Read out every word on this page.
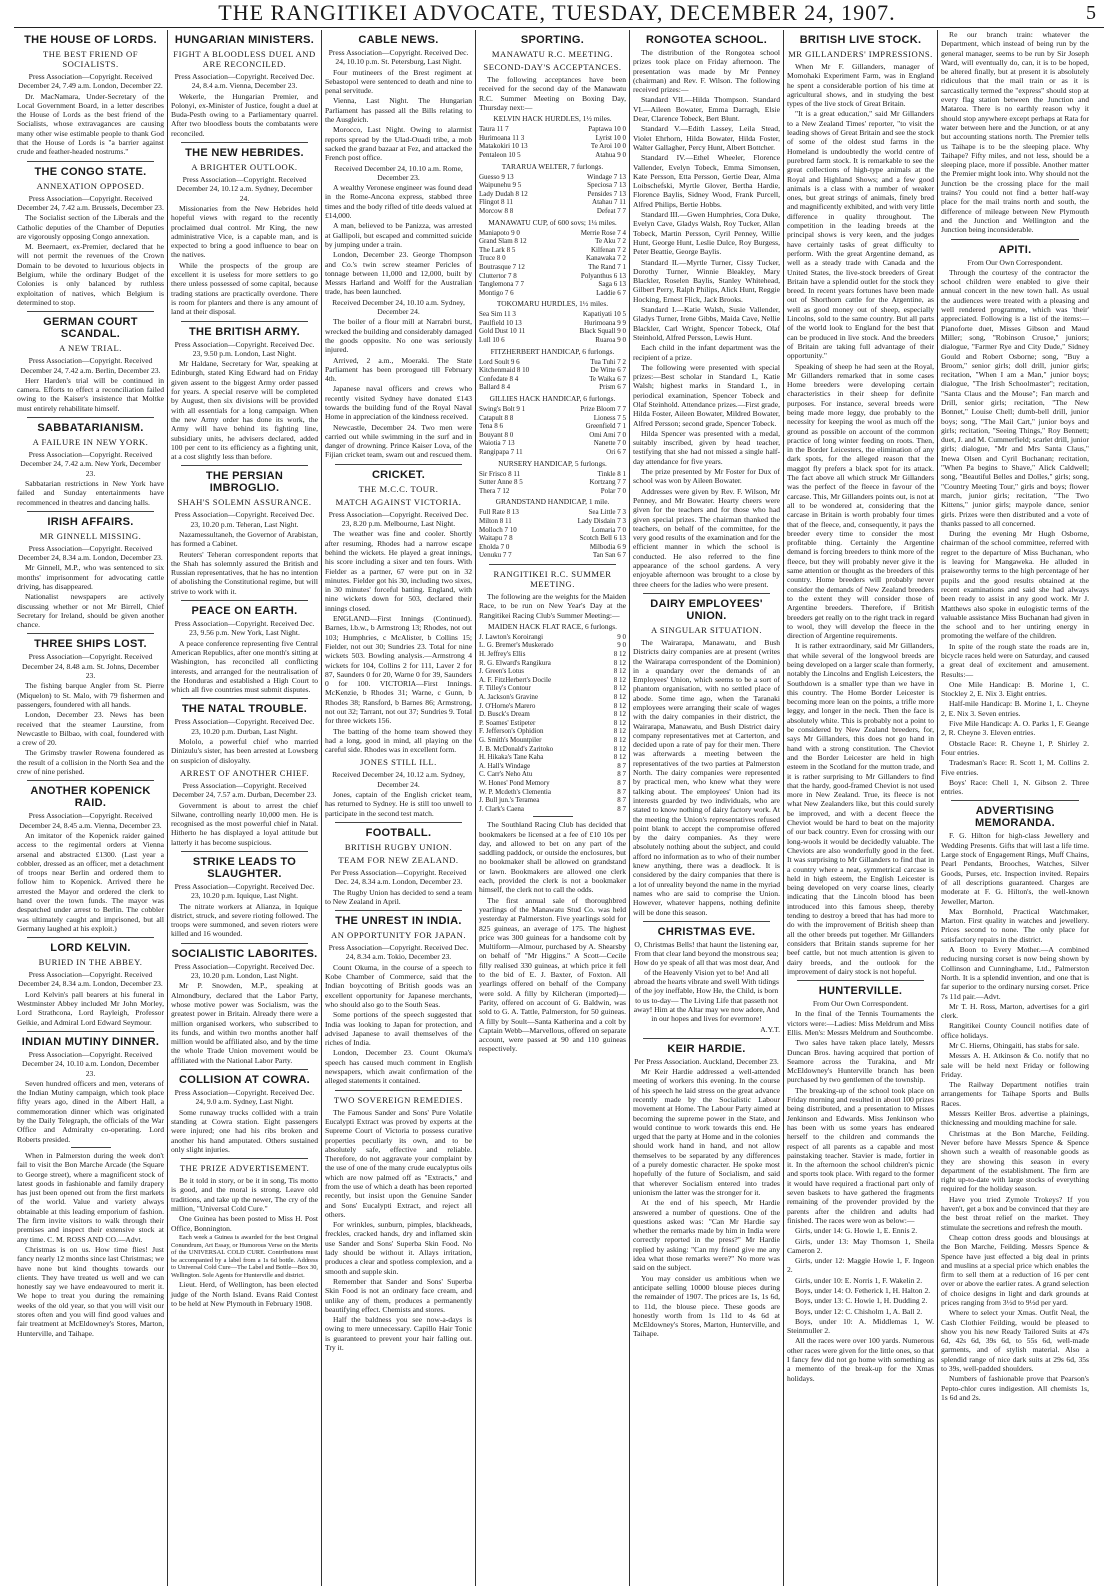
THE RANGITIKEI ADVOCATE, TUESDAY, DECEMBER 24, 1907.	5
THE HOUSE OF LORDS.
THE BEST FRIEND OF SOCIALISTS.

Press Association—Copyright. Received December 24, 7.49 a.m. London, December 22.

Dr. MacNamara, Under-Secretary of the Local Government Board, in a letter describes the House of Lords as the best friend of the Socialists, whose extravagances are causing many other wise estimable people to thank God that the House of Lords is "a barrier against crude and feather-headed nostrums."

THE CONGO STATE.
ANNEXATION OPPOSED.

Press Association—Copyright. Received December 24, 7.42 a.m. Brussels, December 23.

The Socialist section of the Liberals and the Catholic deputies of the Chamber of Deputies are vigorously opposing Congo annexation.

M. Beernaert, ex-Premier, declared that he will not permit the revenues of the Crown Domain to be devoted to luxurious objects in Belgium, while the ordinary Budget of the Colonies is only balanced by ruthless exploitation of natives, which Belgium is determined to stop.

GERMAN COURT SCANDAL.
A NEW TRIAL.

Press Association—Copyright. Received December 24, 7.42 a.m. Berlin, December 23.

Herr Harden's trial will be continued in camera. Efforts to effect a reconciliation failed owing to the Kaiser's insistence that Moltke must entirely rehabilitate himself.

SABBATARIANISM.
A FAILURE IN NEW YORK.

Press Association—Copyright. Received December 24, 7.42 a.m. New York, December 23.

Sabbatarian restrictions in New York have failed and Sunday entertainments have recommenced in theatres and dancing halls.

IRISH AFFAIRS.
MR GINNELL MISSING.

Press Association—Copyright. Received December 24, 8.34 a.m. London, December 23.

Mr Ginnell, M.P., who was sentenced to six months' imprisonment for advocating cattle driving, has disappeared.

Nationalist newspapers are actively discussing whether or not Mr Birrell, Chief Secretary for Ireland, should be given another chance.

THREE SHIPS LOST.

Press Association—Copyright. Received December 24, 8.48 a.m. St. Johns, December 23.

The fishing barque Angler from St. Pierre (Miquelon) to St. Malo, with 79 fishermen and passengers, foundered with all hands.

London, December 23. News has been received that the steamer Laurstine, from Newcastle to Bilbao, with coal, foundered with a crew of 20.

The Grimsby trawler Rowena foundered as the result of a collision in the North Sea and the crew of nine perished.

ANOTHER KOPENICK RAID.

Press Association—Copyright. Received December 24, 8.45 a.m. Vienna, December 23.

An imitator of the Kopenick raider gained access to the regimental orders at Vienna arsenal and abstracted £1300. (Last year a cobbler, dressed as an officer, met a detachment of troops near Berlin and ordered them to follow him to Kopenick. Arrived there he arrested the Mayor and ordered the clerk to hand over the town funds. The mayor was despatched under arrest to Berlin. The cobbler was ultimately caught and imprisoned, but all Germany laughed at his exploit.)

LORD KELVIN.
BURIED IN THE ABBEY.

Press Association—Copyright. Received December 24, 8.34 a.m. London, December 23.

Lord Kelvin's pall bearers at his funeral in Westminster Abbey included Mr John Morley, Lord Strathcona, Lord Rayleigh, Professor Geikie, and Admiral Lord Edward Seymour.

INDIAN MUTINY DINNER.

Press Association—Copyright. Received December 24, 10.10 a.m. London, December 23.

Seven hundred officers and men, veterans of the Indian Mutiny campaign, which took place fifty years ago, dined in the Albert Hall, a commemoration dinner which was originated by the Daily Telegraph, the officials of the War Office and Admiralty co-operating. Lord Roberts presided.

When in Palmerston during the week don't fail to visit the Bon Marche Arcade (the Square to George street), where a magnificent stock of latest goods in fashionable and family drapery has just been opened out from the first markets of the world. Value and variety always obtainable at this leading emporium of fashion. The firm invite visitors to walk through their premises and inspect their extensive stock at any time. C. M. ROSS AND CO.—Advt.

Christmas is on us. How time flies! Just fancy nearly 12 months since last Christmas; we have none but kind thoughts towards our clients. They have treated us well and we can honestly say we have endeavoured to merit it. We hope to treat you during the remaining weeks of the old year, so that you will visit our stores often and you will find good values and fair treatment at McEldowney's Stores, Marton, Hunterville, and Taihape.

HUNGARIAN MINISTERS.
FIGHT A BLOODLESS DUEL AND ARE RECONCILED.

Press Association—Copyright. Received Dec. 24, 8.4 a.m. Vienna, December 23.

Wekerle, the Hungarian Premier, and Polonyi, ex-Minister of Justice, fought a duel at Buda-Pesth owing to a Parliamentary quarrel. After two bloodless bouts the combatants were reconciled.

THE NEW HEBRIDES.
A BRIGHTER OUTLOOK.

Press Association—Copyright. Received December 24, 10.12 a.m. Sydney, December 24.

Missionaries from the New Hebrides held hopeful views with regard to the recently proclaimed dual control. Mr King, the new administrative Vice, is a capable man, and is expected to bring a good influence to bear on the natives.

While the prospects of the group are excellent it is useless for more settlers to go there unless possessed of some capital, because trading stations are practically overdone. There is room for planters and there is any amount of land at their disposal.

THE BRITISH ARMY.

Press Association—Copyright. Received Dec. 23, 9.50 p.m. London, Last Night.

Mr Haldane, Secretary for War, speaking at Edinburgh, stated King Edward had on Friday given assent to the biggest Army order passed for years. A special reserve will be completed by August, then six divisions will be provided with all essentials for a long campaign. When the new Army order has done its work, the Army will have behind its fighting line, subsidiary units, he advisers declared, added 100 per cent to its efficiency as a fighting unit, at a cost slightly less than before.

THE PERSIAN IMBROGLIO.
SHAH'S SOLEMN ASSURANCE.

Press Association—Copyright. Received Dec. 23, 10.20 p.m. Teheran, Last Night.

Nazamessultaneh, the Governor of Arabistan, has formed a Cabinet.

Reuters' Teheran correspondent reports that the Shah has solemnly assured the British and Russian representatives, that he has no intention of abolishing the Constitutional regime, but will strive to work with it.

PEACE ON EARTH.

Press Association—Copyright. Received Dec. 23, 9.56 p.m. New York, Last Night.

A peace conference representing five Central American Republics, after one month's sitting at Washington, has reconciled all conflicting interests, and arranged for the neutralisation of the Honduras and established a High Court to which all five countries must submit disputes.

THE NATAL TROUBLE.

Press Association—Copyright. Received Dec. 23, 10.20 p.m. Durban, Last Night.

Mololo, a powerful chief who married Dinizulu's sister, has been arrested at Lowsberg on suspicion of disloyalty.

ARREST OF ANOTHER CHIEF.

Press Association—Copyright. Received December 24, 7.57 a.m. Durban, December 23.

Government is about to arrest the chief Silwane, controlling nearly 10,000 men. He is recognised as the most powerful chief in Natal. Hitherto he has displayed a loyal attitude but latterly it has become suspicious.

STRIKE LEADS TO SLAUGHTER.

Press Association—Copyright. Received Dec. 23, 10.20 p.m. Iquique, Last Night.

The nitrate workers at Alianza, in Iquique district, struck, and severe rioting followed. The troops were summoned, and seven rioters were killed and 16 wounded.

SOCIALISTIC LABORITES.

Press Association—Copyright. Received Dec. 23, 10.20 p.m. London, Last Night.

Mr P. Snowden, M.P., speaking at Almondbury, declared that the Labor Party, whose motive power was Socialism, was the greatest power in Britain. Already there were a million organised workers, who subscribed to its funds, and within two months another half million would be affiliated also, and by the time the whole Trade Union movement would be affiliated with the National Labor Party.

COLLISION AT COWRA.

Press Association—Copyright. Received Dec. 24, 9.0 a.m. Sydney, Last Night.

Some runaway trucks collided with a train standing at Cowra station. Eight passengers were injured; one had his ribs broken and another his hand amputated. Others sustained only slight injuries.

THE PRIZE ADVERTISEMENT.

Be it told in story, or be it in song, Tis motto is good, and the moral is strong. Leave old traditions, and take up the newer, The cry of the million, "Universal Cold Cure."

One Guinea has been posted to Miss H. Post Office, Bonnington.

Each week a Guinea is awarded for the best Original Conundrum, Art Essay, or Humorous Verse on the Merits of the UNIVERSAL COLD CURE. Contributions must be accompanied by a label from a 1s 6d bottle. Address to Universal Cold Cure—The Label and Bottle—Box 30, Wellington. Sole Agents for Hunterville and district.

Lieut. Herd, of Wellington, has been elected judge of the North Island. Evans Raid Contest to be held at New Plymouth in February 1908.

CABLE NEWS.

Press Association—Copyright. Received Dec. 24, 10.10 p.m. St. Petersburg, Last Night.

Four mutineers of the Brest regiment at Sebastopol were sentenced to death and nine to penal servitude.

Vienna, Last Night. The Hungarian Parliament has passed all the Bills relating to the Ausgleich.

Morocco, Last Night. Owing to alarmist reports spread by the Ulad-Ouadi tribe, a mob sacked the grand bazaar at Fez, and attacked the French post office.

Received December 24, 10.10 a.m. Rome, December 23.

A wealthy Veronese engineer was found dead in the Rome-Ancona express, stabbed three times and the body rifled of title deeds valued at £14,000.

A man, believed to be Panizza, was arrested at Gallipoli, but escaped and committed suicide by jumping under a train.

London, December 23. George Thompson and Co.'s twin screw steamer Pericles of tonnage between 11,000 and 12,000, built by Messrs Harland and Wolff for the Australian trade, has been launched.

Received December 24, 10.10 a.m. Sydney, December 24.

The boiler of a flour mill at Narrabri burst, wrecked the building and considerably damaged the goods opposite. No one was seriously injured.

Arrived, 2 a.m., Moeraki. The State Parliament has been prorogued till February 4th.

Japanese naval officers and crews who recently visited Sydney have donated £143 towards the building fund of the Royal Naval Home in appreciation of the kindness received.

Newcastle, December 24. Two men were carried out while swimming in the surf and in danger of drowning. Prince Kaiser Lova, of the Fijian cricket team, swam out and rescued them.

CRICKET.
THE M.C.C. TOUR.
MATCH AGAINST VICTORIA.

Press Association—Copyright. Received Dec. 23, 8.20 p.m. Melbourne, Last Night.

The weather was fine and cooler. Shortly after resuming, Rhodes had a narrow escape behind the wickets. He played a great innings, his score including a sixer and ten fours. With Fielder as a partner, 67 were put on in 32 minutes. Fielder got his 30, including two sixes, in 30 minutes' forceful batting. England, with nine wickets down for 503, declared their innings closed.

ENGLAND—First Innings (Continued). Barnes, l.b.w., b Armstrong 13; Rhodes, not out 103; Humphries, c McAlister, b Collins 15; Fielder, not out 30; Sundries 23. Total for nine wickets 503. Bowling analysis.—Armstrong 4 wickets for 104, Collins 2 for 111, Laver 2 for 87, Saunders 0 for 20, Warne 0 for 39, Saunders 0 for 100. VICTORIA—First Innings. McKenzie, b Rhodes 31; Warne, c Gunn, b Rhodes 38; Ransford, b Barnes 86; Armstrong, not out 32; Tarrant, not out 37; Sundries 9. Total for three wickets 156.

The batting of the home team showed they had a long, good in mind, all playing on the careful side. Rhodes was in excellent form.

JONES STILL ILL.

Received December 24, 10.12 a.m. Sydney, December 24.

Jones, captain of the English cricket team, has returned to Sydney. He is still too unwell to participate in the second test match.

FOOTBALL.
BRITISH RUGBY UNION.
TEAM FOR NEW ZEALAND.

Per Press Association—Copyright. Received Dec. 24, 8.34 a.m. London, December 23.

The Rugby Union has decided to send a team to New Zealand in April.

THE UNREST IN INDIA.
AN OPPORTUNITY FOR JAPAN.

Press Association—Copyright. Received Dec. 24, 8.34 a.m. Tokio, December 23.

Count Okuma, in the course of a speech to Kobe Chamber of Commerce, said that the Indian boycotting of British goods was an excellent opportunity for Japanese merchants, who should also go to the South Seas.

Some portions of the speech suggested that India was looking to Japan for protection, and advised Japanese to avail themselves of the riches of India.

London, December 23. Count Okuma's speech has caused much comment in English newspapers, which await confirmation of the alleged statements it contained.

TWO SOVEREIGN REMEDIES.

The Famous Sander and Sons' Pure Volatile Eucalypti Extract was proved by experts at the Supreme Court of Victoria to possess curative properties peculiarly its own, and to be absolutely safe, effective and reliable. Therefore, do not aggravate your complaint by the use of one of the many crude eucalyptus oils which are now palmed off as "Extracts," and from the use of which a death has been reported recently, but insist upon the Genuine Sander and Sons' Eucalypti Extract, and reject all others.

For wrinkles, sunburn, pimples, blackheads, freckles, cracked hands, dry and inflamed skin use Sander and Sons' Superba Skin Food. No lady should be without it. Allays irritation, produces a clear and spotless complexion, and a smooth and supple skin.

Remember that Sander and Sons' Superba Skin Food is not an ordinary face cream, and unlike any of them, produces a permanently beautifying effect. Chemists and stores.

Half the baldness you see now-a-days is owing to mere unnecessary. Capillo Hair Tonic is guaranteed to prevent your hair falling out. Try it.

SPORTING.
MANAWATU R.C. MEETING.
SECOND-DAY'S ACCEPTANCES.

The following acceptances have been received for the second day of the Manawatu R.C. Summer Meeting on Boxing Day, Thursday next:—

KELVIN HACK HURDLES, 1½ miles.
Taura 11 7	Paptawa 10 0
Hurimoana 11 3	Lyrist 10 0
Matakokiri 10 13	Te Aroi 10 0
Pentaleon 10 5	Atahua 9 0
TARARUA WELTER, 7 furlongs.
Guesso 9 13	Windage 7 13
Waipunehu 9 5	Speciosa 7 13
Lady Dudah 8 12	Pensides 7 13
Flingot 8 11	Atahau 7 11
Morcow 8 8	Defeat 7 7
MANAWATU CUP, of 600 sovs; 1¼ miles.
Maniapoto 9 0	Merrie Rose 7 4
Grand Slam 8 12	Te Aku 7 2
The Lark 8 5	Kilfenan 7 2
Truce 8 0	Kanawaka 7 2
Boutrasque 7 12	The Rand 7 1
Cluttertor 7 8	Polyanthus 6 13
Tanglemona 7 7	Saga 6 13
Montigo 7 6	Laddie 6 7
TOKOMARU HURDLES, 1½ miles.
Sea Sim 11 3	Kapatiyati 10 5
Paulfield 10 13	Hurimoana 9 9
Gold Dust 10 11	Black Squall 9 0
Lull 10 6	Ruaroa 9 0
FITZHERBERT HANDICAP, 6 furlongs.
Lord Soult 9 6	Tua Tuhi 7 2
Kitchenmaid 8 10	De Witte 6 7
Confedate 8 4	Te Waika 6 7
Ballard 8 4	Prism 6 7
GILLIES HACK HANDICAP, 6 furlongs.
Swing's Bolt 9 1	Prize Bloom 7 7
Catapult 8 8	Lioness 7 5
Tena 8 6	Greenfield 7 1
Bouyant 8 0	Omi Ami 7 0
Waiotia 7 13	Nanette 7 0
Rangipapa 7 11	Ori 6 7
NURSERY HANDICAP, 5 furlongs.
Sir Frisco 8 11	Tinkle 8 1
Sutter Anne 8 5	Kortzang 7 7
Thera 7 12	Polar 7 0
GRANDSTAND HANDICAP, 1 mile.
Full Rate 8 13	Sea Little 7 3
Milton 8 11	Lady Disdain 7 3
Molloch 7 10	Lomaria 7 0
Waitapu 7 8	Scotch Bell 6 13
Eholda 7 0	Milbodia 6 9
Uenuku 7 7	Tan San 6 7
RANGITIKEI R.C. SUMMER MEETING.

The following are the weights for the Maiden Race, to be run on New Year's Day at the Rangitikei Racing Club's Summer Meeting:—

MAIDEN HACK FLAT RACE, 6 furlongs.
J. Lawton's Koroirangi	9 0
L. G. Bremer's Muskerado	9 0
H. Jeffrey's Ellis	8 12
R. G. Elward's Rangikura	8 12
J. Green's Lotus	8 12
A. F. FitzHerbert's Docile	8 12
F. Tilley's Contour	8 12
A. Jackson's Gravine	8 12
J. O'Horne's Marero	8 12
D. Busck's Dream	8 12
P. Soames' Estipeter	8 12
F. Jefferson's Ophidion	8 12
G. Smith's Mountpiler	8 12
J. B. McDonald's Zaritoko	8 12
H. Hikaka's Tane Kaha	8 12
A. Hall's Windage	8 7
C. Carr's Neho Atu	8 7
W. Hones' Pond Memory	8 7
W. P. Mcdeth's Clementia	8 7
J. Bull jun.'s Teramea	8 7
J. Clark's Caena	8 7

The Southland Racing Club has decided that bookmakers be licensed at a fee of £10 10s per day, and allowed to bet on any part of the saddling paddock, or outside the enclosures, but no bookmaker shall be allowed on grandstand or lawn. Bookmakers are allowed one clerk each, provided the clerk is not a bookmaker himself, the clerk not to call the odds.

The first annual sale of thoroughbred yearlings of the Manawatu Stud Co. was held yesterday at Palmerston. Five yearlings sold for 825 guineas, an average of 175. The highest price was 300 guineas for a handsome colt by Multiform—Almour, purchased by A. Shearsby on behalf of "Mr Higgins." A Scott—Cecile filly realised 330 guineas, at which price it fell to the bid of E. J. Baxter, of Foxton. All yearlings offered on behalf of the Company were sold. A filly by Kilcheran (imported)—Parity, offered on account of G. Baldwin, was sold to G. A. Tattle, Palmerston, for 50 guineas. A filly by Soult—Santa Katherina and a colt by Captain Webb—Marvellous, offered on separate account, were passed at 90 and 110 guineas respectively.

RONGOTEA SCHOOL.

The distribution of the Rongotea school prizes took place on Friday afternoon. The presentation was made by Mr Penney (chairman) and Rev. F. Wilson. The following received prizes:—

Standard VII.—Hilda Thompson. Standard VI.—Aileen Bowater, Emma Darragh, Elsie Dear, Clarence Tobeck, Bert Blunt.

Standard V.—Edith Lassey, Leila Stead, Violet Ehrhorn, Hilda Bowater, Hilda Foster, Walter Gallagher, Percy Hunt, Albert Bottcher.

Standard IV.—Ethel Wheeler, Florence Vallender, Evelyn Tobeck, Emma Simonsen, Kate Persson, Etta Persson, Gertie Dear, Alma Loibschefski, Myrtle Glover, Bertha Hardie, Florence Baylis, Sidney Wood, Frank Purcell, Alfred Philips, Bertie Hobbs.

Standard III.—Gwen Humphries, Cora Duke, Evelyn Cave, Gladys Walsh, Roy Tucker, Allan Tobeck, Martin Persson, Cyril Penney, Willie Hunt, George Hunt, Leslie Dulce, Roy Burgess, Peter Beattie, George Baylis.

Standard II.—Myrtle Turner, Cissy Tucker, Dorothy Turner, Winnie Bleakley, Mary Blackler, Roselen Baylis, Stanley Whitehead, Gilbert Perry, Ralph Philips, Alick Hunt, Reggie Hocking, Ernest Flick, Jack Brooks.

Standard I.—Katie Walsh, Susie Vallender, Gladys Turner, Irene Gibbs, Maida Cave, Nellie Blackler, Carl Wright, Spencer Tobeck, Olaf Steinhold, Alfred Persson, Lewis Hunt.

Each child in the infant department was the recipient of a prize.

The following were presented with special prizes:—Best scholar in Standard I., Katie Walsh; highest marks in Standard I., in periodical examination, Spencer Tobeck and Olaf Steinhold. Attendance prizes.—First grade, Hilda Foster, Aileen Bowater, Mildred Bowater, Alfred Persson; second grade, Spencer Tobeck.

Hilda Spencer was presented with a medal, suitably inscribed, given by head teacher, testifying that she had not missed a single half-day attendance for five years.

The prize presented by Mr Foster for Dux of school was won by Aileen Bowater.

Addresses were given by Rev. F. Wilson, Mr Penney, and Mr Bowater. Hearty cheers were given for the teachers and for those who had given special prizes. The chairman thanked the teachers, on behalf of the committee, for the very good results of the examination and for the efficient manner in which the school is conducted. He also referred to the fine appearance of the school gardens. A very enjoyable afternoon was brought to a close by three cheers for the ladies who were present.

DAIRY EMPLOYEES' UNION.
A SINGULAR SITUATION.

The Wairarapa, Manawatu, and Bush Districts dairy companies are at present (writes the Wairarapa correspondent of the Dominion) in a quandary over the demands of an Employees' Union, which seems to be a sort of phantom organisation, with no settled place of abode. Some time ago, when the Taranaki employees were arranging their scale of wages with the dairy companies in their district, the Wairarapa, Manawatu, and Bush District dairy company representatives met at Carterton, and decided upon a rate of pay for their men. There was afterwards a meeting between the representatives of the two parties at Palmerston North. The dairy companies were represented by practical men, who knew what they were talking about. The employees' Union had its interests guarded by two individuals, who are stated to know nothing of dairy factory work. At the meeting the Union's representatives refused point blank to accept the compromise offered by the dairy companies. As they were absolutely nothing about the subject, and could afford no information as to who of their number knew anything, there was a deadlock. It is considered by the dairy companies that there is a lot of unreality beyond the name in the myriad names who are said to comprise the Union. However, whatever happens, nothing definite will be done this season.

CHRISTMAS EVE.

O, Christmas Bells! that haunt the listening ear, From that clear land beyond the monstrous sea; How do ye speak of all that was most dear, And of the Heavenly Vision yet to be! And all abroad the hearts vibrate and swell With tidings of the joy ineffable, How He, the Child, is born to us to-day— The Living Life that passeth not away! Him at the Altar may we now adore, And in our hopes and lives for evermore!

A.Y.T.

KEIR HARDIE.

Per Press Association. Auckland, December 23.

Mr Keir Hardie addressed a well-attended meeting of workers this evening. In the course of his speech he laid stress on the great advance recently made by the Socialistic Labour movement at Home. The Labour Party aimed at becoming the supreme power in the State, and would continue to work towards this end. He urged that the party at Home and in the colonies should work hand in hand, and not allow themselves to be separated by any differences of a purely domestic character. He spoke most hopefully of the future of Socialism, and said that wherever Socialism entered into trades unionism the latter was the stronger for it.

At the end of his speech, Mr Hardie answered a number of questions. One of the questions asked was: "Can Mr Hardie say whether the remarks made by him in India were correctly reported in the press?" Mr Hardie replied by asking: "Can my friend give me any idea what those remarks were?" No more was said on the subject.

You may consider us ambitious when we anticipate selling 10000 blouse pieces during the remainder of 1907. The prices are 1s, 1s 6d, to 11d, the blouse piece. These goods are honestly worth from 1s 11d to 4s 6d at McEldowney's Stores, Marton, Hunterville, and Taihape.

BRITISH LIVE STOCK.
MR GILLANDERS' IMPRESSIONS.

When Mr F. Gillanders, manager of Momohaki Experiment Farm, was in England he spent a considerable portion of his time at agricultural shows, and in studying the best types of the live stock of Great Britain.

"It is a great education," said Mr Gillanders to a New Zealand Times' reporter, "to visit the leading shows of Great Britain and see the stock of some of the oldest stud farms in the Homeland is undoubtedly the world centre of purebred farm stock. It is remarkable to see the great collections of high-type animals at the Royal and Highland Shows; and a few good animals is a class with a number of weaker ones, but great strings of animals, finely bred and magnificently exhibited, and with very little difference in quality throughout. The competition in the leading breeds at the principal shows is very keen, and the judges have certainly tasks of great difficulty to perform. With the great Argentine demand, as well as a steady trade with Canada and the United States, the live-stock breeders of Great Britain have a splendid outlet for the stock they breed. In recent years fortunes have been made out of Shorthorn cattle for the Argentine, as well as good money out of sheep, especially Lincolns, sold to the same country. But all parts of the world look to England for the best that can be produced in live stock. And the breeders of Britain are taking full advantage of their opportunity."

Speaking of sheep he had seen at the Royal, Mr Gillanders remarked that in some cases Home breeders were developing certain characteristics in their sheep for definite purposes. For instance, several breeds were being made more leggy, due probably to the necessity for keeping the wool as much off the ground as possible on account of the common practice of long winter feeding on roots. Then, in the Border Leicesters, the elimination of any dark spots, for the alleged reason that the maggot fly prefers a black spot for its attack. The fact above all which struck Mr Gillanders was the perfect of the fleece in favour of the carcase. This, Mr Gillanders points out, is not at all to be wondered at, considering that the carcase in Britain is worth probably four times that of the fleece, and, consequently, it pays the breeder every time to consider the most profitable thing. Certainly the Argentine demand is forcing breeders to think more of the fleece, but they will probably never give it the same attention or thought as the breeders of this country. Home breeders will probably never consider the demands of New Zealand breeders to the extent they will consider those of Argentine breeders. Therefore, if British breeders get really on to the right track in regard to wool, they will develop the fleece in the direction of Argentine requirements.

It is rather extraordinary, said Mr Gillanders, that while several of the longwool breeds are being developed on a larger scale than formerly, notably the Lincolns and English Leicesters, the Southdown is a smaller type than we have in this country. The Home Border Leicester is becoming more lean on the points, a trifle more leggy, and longer in the neck. Then the face is absolutely white. This is probably not a point to be considered by New Zealand breeders, for, says Mr Gillanders, this does not go hand in hand with a strong constitution. The Cheviot and the Border Leicester are held in high esteem in the Scotland for the mutton trade, and it is rather surprising to Mr Gillanders to find that the hardy, good-framed Cheviot is not used more in New Zealand. True, its fleece is not what New Zealanders like, but this could surely be improved, and with a decent fleece the Cheviot would be hard to beat on the majority of our back country. Even for crossing with our long-wools it would be decidedly valuable. The Cheviots are also wonderfully good in the feet. It was surprising to Mr Gillanders to find that in a country where a neat, symmetrical carcase is held in high esteem, the English Leicester is being developed on very coarse lines, clearly indicating that the Lincoln blood has been introduced into this famous sheep, thereby tending to destroy a breed that has had more to do with the improvement of British sheep than all the other breeds put together. Mr Gillanders considers that Britain stands supreme for her beef cattle, but not much attention is given to dairy breeds, and the outlook for the improvement of dairy stock is not hopeful.

HUNTERVILLE.

From Our Own Correspondent.

In the final of the Tennis Tournaments the victors were:—Ladies: Miss Meldrum and Miss Ellis. Men's: Messrs Meldrum and Southcombe.

Two sales have taken place lately, Messrs Duncan Bros. having acquired that portion of Seamore across the Turakina, and Mr McEldowney's Hunterville branch has been purchased by two gentlemen of the township.

The breaking-up of the school took place on Friday morning and resulted in about 100 prizes being distributed, and a presentation to Misses Jenkinson and Edwards. Miss Jenkinson who has been with us some years has endeared herself to the children and commands the respect of all parents as a capable and most painstaking teacher. Stavier is made, fortier in it. In the afternoon the school children's picnic and sports took place. With regard to the former it would have required a fractional part only of seven baskets to have gathered the fragments remaining of the provender provided by the parents after the children and adults had finished. The races were won as below:—

Girls, under 14: G. Howie 1, E. Ennis 2.

Girls, under 13: May Thomson 1, Sheila Cameron 2.

Girls, under 12: Maggie Howie 1, F. Ingeon 2.

Girls, under 10: E. Norris 1, F. Wakelin 2.

Boys, under 14: O. Fetherick 1, H. Halton 2.

Boys, under 13: C. Howie 1, H. Dudding 2.

Boys, under 12: C. Chisholm 1, A. Ball 2.

Boys, under 10: A. Middlemas 1, W. Steinmuller 2.

All the races were over 100 yards. Numerous other races were given for the little ones, so that I fancy few did not go home with something as a memento of the break-up for the Xmas holidays.

Re our branch train: whatever the Department, which instead of being run by the general manager, seems to be run by Sir Joseph Ward, will eventually do, can, it is to be hoped, be altered finally, but at present it is absolutely ridiculous that the mail train or as it is sarcastically termed the "express" should stop at every flag station between the Junction and Mataroa. There is no earthly reason why it should stop anywhere except perhaps at Rata for water between here and the Junction, or at any but accounting stations north. The Premier tells us Taihape is to be the sleeping place. Why Taihape? Fifty miles, and not less, should be a sleeping place, more if possible. Another matter the Premier might look into. Why should not the Junction be the crossing place for the mail trains? You could not find a better half-way place for the mail trains north and south, the difference of mileage between New Plymouth and the Junction and Wellington and the Junction being inconsiderable.

APITI.

From Our Own Correspondent.

Through the courtesy of the contractor the school children were enabled to give their annual concert in the new town hall. As usual the audiences were treated with a pleasing and well rendered programme, which was 'their' appreciated. Following is a list of the items:—Pianoforte duet, Misses Gibson and Maud Miller; song, "Robinson Crusoe," juniors; dialogue, "Farmer Rye and City Dude," Sidney Gould and Robert Osborne; song, "Buy a Broom," senior girls; doll drill, junior girls; recitation, "When I am a Man," junior boys; dialogue, "The Irish Schoolmaster"; recitation, "Santa Claus and the Mouse"; Fan march and Drill, senior girls; recitation, "The New Bonnet," Louise Chell; dumb-bell drill, junior boys; song, "The Mail Cart," junior boys and girls; recitation, "Seeing Things," Roy Bennett; duet, J. and M. Cummerfield; scarlet drill, junior girls; dialogue, "Mr and Mrs Santa Claus," Inewa Olsen and Cyril Buchanan; recitation, "When Pa begins to Shave," Alick Caldwell; song, "Beautiful Belles and Dolles," girls; song, "Country Meeting Tour," girls and boys; flower march, junior girls; recitation, "The Two Kittens," junior girls; maypole dance, senior girls. Prizes were then distributed and a vote of thanks passed to all concerned.

During the evening Mr Hugh Osborne, chairman of the school committee, referred with regret to the departure of Miss Buchanan, who is leaving for Mangaweka. He alluded in praiseworthy terms to the high percentage of her pupils and the good results obtained at the recent examinations and said she had always been ready to assist in any good work. Mr J. Matthews also spoke in eulogistic terms of the valuable assistance Miss Buchanan had given in the school and to her untiring energy in promoting the welfare of the children.

In spite of the rough state the roads are in, bicycle races held were on Saturday, and caused a great deal of excitement and amusement. Results:—

One Mile Handicap: B. Morine 1, C. Stockley 2, E. Nix 3. Eight entries.

Half-mile Handicap: B. Morine 1, L. Cheyne 2, E. Nix 3. Seven entries.

Five Mile Handicap: A. O. Parks 1, F. Geange 2, R. Cheyne 3. Eleven entries.

Obstacle Race: R. Cheyne 1, P. Shirley 2. Four entries.

Tradesman's Race: R. Scott 1, M. Collins 2. Five entries.

Boys' Race: Chell 1, N. Gibson 2. Three entries.

ADVERTISING MEMORANDA.

F. G. Hilton for high-class Jewellery and Wedding Presents. Gifts that will last a life time. Large stock of Engagement Rings, Muff Chains, Pearl Pendants, Brooches, Watches, Silver Goods, Purses, etc. Inspection invited. Repairs of all descriptions guaranteed. Charges are moderate at F. G. Hilton's, the well-known Jeweller, Marton.

Max Bornhold, Practical Watchmaker, Marton. First quality in watches and jewellery. Prices second to none. The only place for satisfactory repairs in the district.

A Boon to Every Mother.—A combined reducing nursing corset is now being shown by Collinson and Cunninghame, Ltd., Palmerston North. It is a splendid invention, and one that is far superior to the ordinary nursing corset. Price 7s 11d pair.—Advt.

Mr T. H. Ross, Marton, advertises for a girl clerk.

Rangitikei County Council notifies date of office holidays.

Mr C. Hierns, Ohingaiti, has stabs for sale.

Messrs A. H. Atkinson & Co. notify that no sale will be held next Friday or following Friday.

The Railway Department notifies train arrangements for Taihape Sports and Bulls Races.

Messrs Keiller Bros. advertise a plainings, thicknessing and moulding machine for sale.

Christmas at the Bon Marche, Feilding. Never before have Messrs Spence & Spence shown such a wealth of reasonable goods as they are showing this season in every department of the establishment. The firm are right up-to-date with large stocks of everything required for the holiday season.

Have you tried Zymole Trokeys? If you haven't, get a box and be convinced that they are the best throat relief on the market. They stimulate the secretions and refresh the mouth.

Cheap cotton dress goods and blousings at the Bon Marche, Feilding. Messrs Spence & Spence have just effected a big deal in prints and muslins at a special price which enables the firm to sell them at a reduction of 16 per cent over or above the earlier rates. A grand selection of choice designs in light and dark grounds at prices ranging from 3½d to 9½d per yard.

Where to select your Xmas. Outfit Neal, the Cash Clothier Feilding, would be pleased to show you his new Ready Tailored Suits at 47s 6d, 42s 6d, 39s 6d, to 55s 6d, well-made garments, and of stylish material. Also a splendid range of nice dark suits at 29s 6d, 35s to 39s, well-padded shoulders.

Numbers of fashionable prove that Pearson's Pepto-chlor cures indigestion. All chemists 1s, 1s 6d and 2s.
